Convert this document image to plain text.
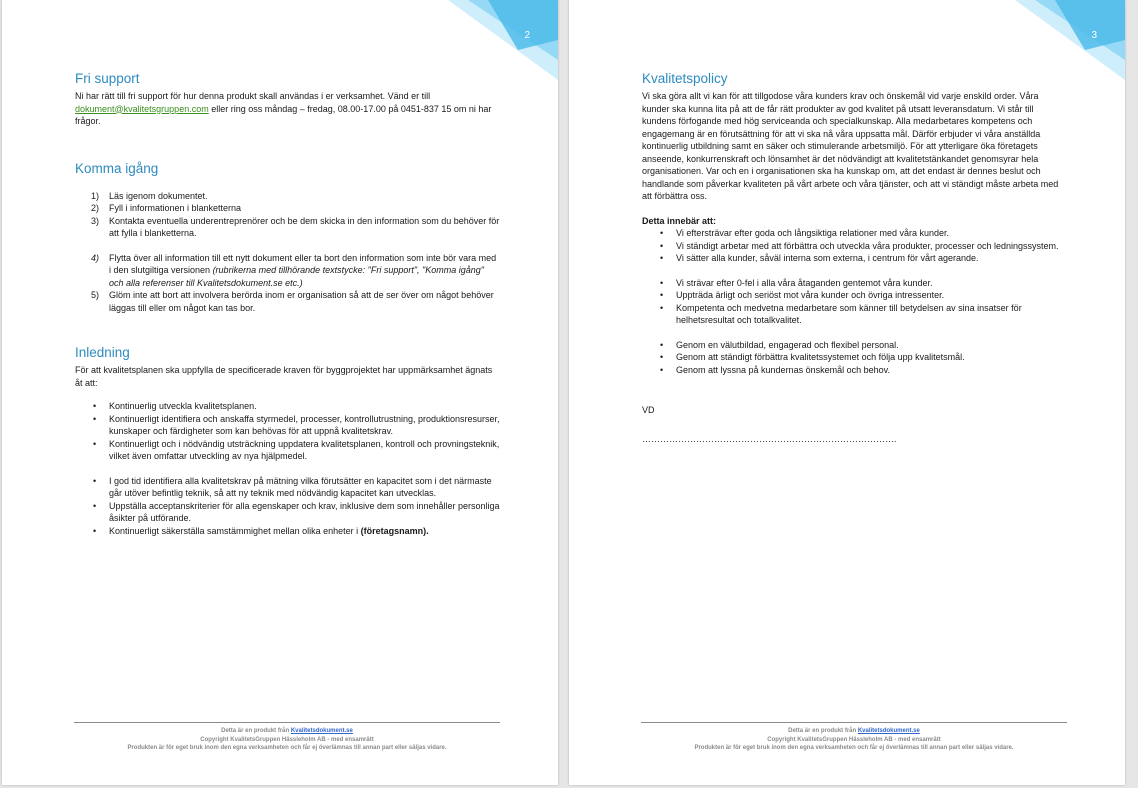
2
Fri support

Ni har rätt till fri support för hur denna produkt skall användas i er verksamhet. Vänd er till dokument@kvalitetsgruppen.com eller ring oss måndag – fredag, 08.00-17.00 på 0451-837 15 om ni har frågor.

Komma igång
1) Läs igenom dokumentet.
2) Fyll i informationen i blanketterna
3) Kontakta eventuella underentreprenörer och be dem skicka in den information som du behöver för att fylla i blanketterna.
4) Flytta över all information till ett nytt dokument eller ta bort den information som inte bör vara med i den slutgiltiga versionen (rubrikerna med tillhörande textstycke: "Fri support", "Komma igång" och alla referenser till Kvalitetsdokument.se etc.)
5) Glöm inte att bort att involvera berörda inom er organisation så att de ser över om något behöver läggas till eller om något kan tas bor.
Inledning

För att kvalitetsplanen ska uppfylla de specificerade kraven för byggprojektet har uppmärksamhet ägnats åt att:

• Kontinuerlig utveckla kvalitetsplanen.
• Kontinuerligt identifiera och anskaffa styrmedel, processer, kontrollutrustning, produktionsresurser, kunskaper och färdigheter som kan behövas för att uppnå kvalitetskrav.
• Kontinuerligt och i nödvändig utsträckning uppdatera kvalitetsplanen, kontroll och provningsteknik, vilket även omfattar utveckling av nya hjälpmedel.
• I god tid identifiera alla kvalitetskrav på mätning vilka förutsätter en kapacitet som i det närmaste går utöver befintlig teknik, så att ny teknik med nödvändig kapacitet kan utvecklas.
• Uppställa acceptanskriterier för alla egenskaper och krav, inklusive dem som innehåller personliga åsikter på utförande.
• Kontinuerligt säkerställa samstämmighet mellan olika enheter i (företagsnamn).
Detta är en produkt från Kvalitetsdokument.se
Copyright KvalitetsGruppen Hässleholm AB - med ensamrätt
Produkten är för eget bruk inom den egna verksamheten och får ej överlämnas till annan part eller säljas vidare.
3
Kvalitetspolicy

Vi ska göra allt vi kan för att tillgodose våra kunders krav och önskemål vid varje enskild order. Våra kunder ska kunna lita på att de får rätt produkter av god kvalitet på utsatt leveransdatum. Vi står till kundens förfogande med hög serviceanda och specialkunskap. Alla medarbetares kompetens och engagemang är en förutsättning för att vi ska nå våra uppsatta mål. Därför erbjuder vi våra anställda kontinuerlig utbildning samt en säker och stimulerande arbetsmiljö. För att ytterligare öka företagets anseende, konkurrenskraft och lönsamhet är det nödvändigt att kvalitetstänkandet genomsyrar hela organisationen. Var och en i organisationen ska ha kunskap om, att det endast är dennes beslut och handlande som påverkar kvaliteten på vårt arbete och våra tjänster, och att vi ständigt måste arbeta med att förbättra oss.

Detta innebär att:

• Vi eftersträvar efter goda och långsiktiga relationer med våra kunder.
• Vi ständigt arbetar med att förbättra och utveckla våra produkter, processer och ledningssystem.
• Vi sätter alla kunder, såväl interna som externa, i centrum för vårt agerande.
• Vi strävar efter 0-fel i alla våra åtaganden gentemot våra kunder.
• Uppträda ärligt och seriöst mot våra kunder och övriga intressenter.
• Kompetenta och medvetna medarbetare som känner till betydelsen av sina insatser för helhetsresultat och totalkvalitet.
• Genom en välutbildad, engagerad och flexibel personal.
• Genom att ständigt förbättra kvalitetssystemet och följa upp kvalitetsmål.
• Genom att lyssna på kundernas önskemål och behov.

VD

………………………………………………………………………….

Detta är en produkt från Kvalitetsdokument.se
Copyright KvalitetsGruppen Hässleholm AB - med ensamrätt
Produkten är för eget bruk inom den egna verksamheten och får ej överlämnas till annan part eller säljas vidare.
